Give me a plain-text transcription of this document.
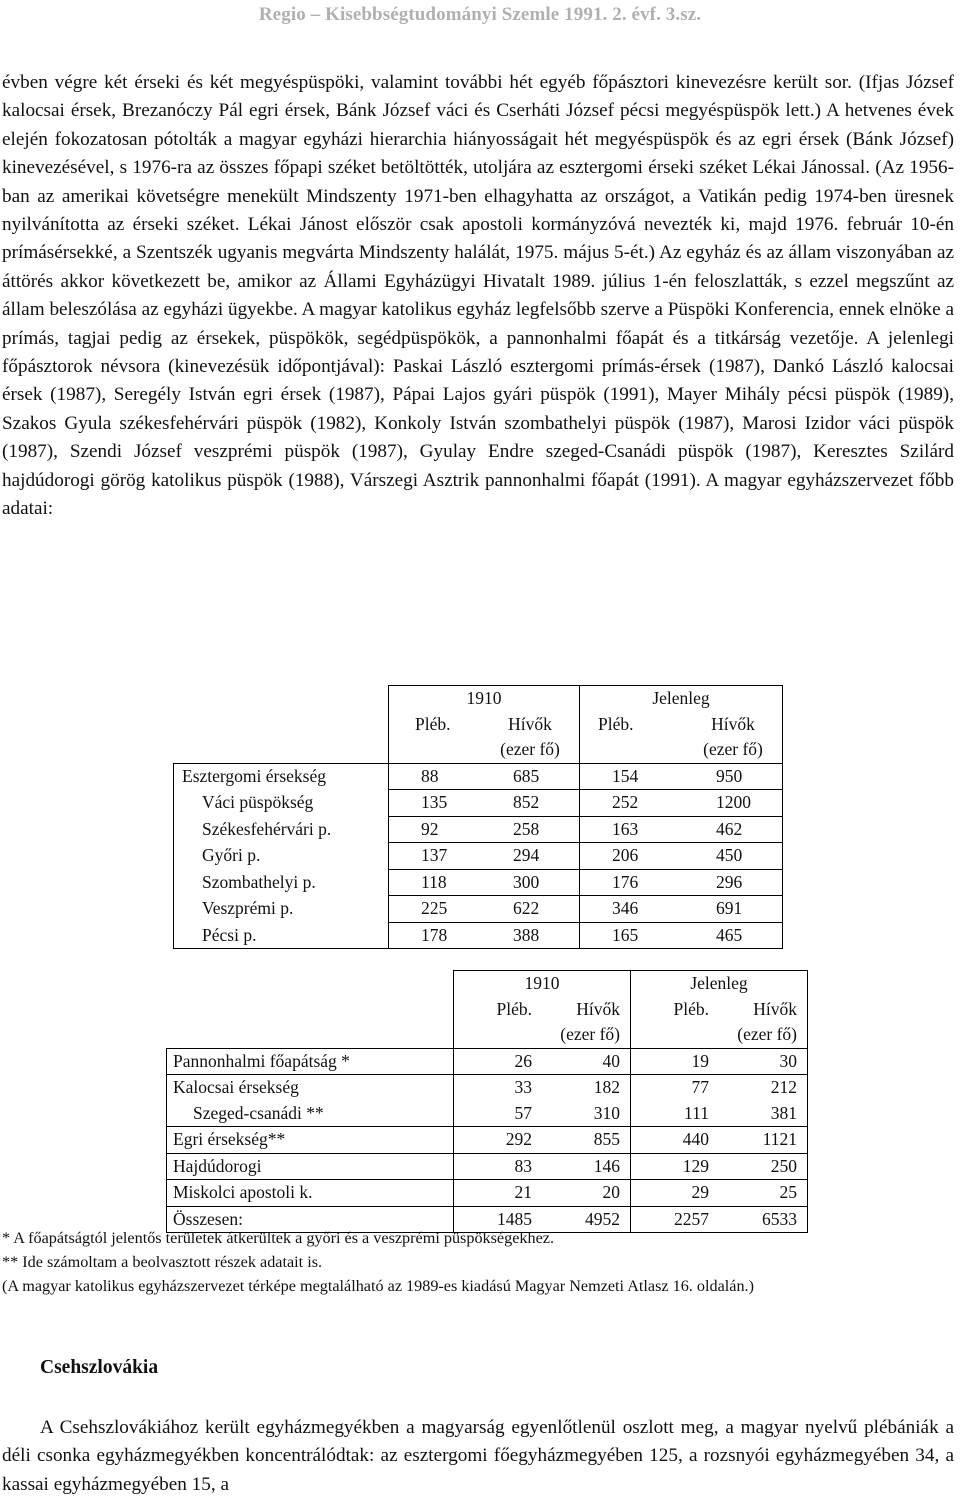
Regio – Kisebbségtudományi Szemle 1991. 2. évf. 3.sz.

évben végre két érseki és két megyéspüspöki, valamint további hét egyéb főpásztori kinevezésre került sor. (Ifjas József kalocsai érsek, Brezanóczy Pál egri érsek, Bánk József váci és Cserháti József pécsi megyéspüspök lett.) A hetvenes évek elején fokozatosan pótolták a magyar egyházi hierarchia hiányosságait hét megyéspüspök és az egri érsek (Bánk József) kinevezésével, s 1976-ra az összes főpapi széket betöltötték, utoljára az esztergomi érseki széket Lékai Jánossal. (Az 1956-ban az amerikai követségre menekült Mindszenty 1971-ben elhagyhatta az országot, a Vatikán pedig 1974-ben üresnek nyilvánította az érseki széket. Lékai Jánost először csak apostoli kormányzóvá nevezték ki, majd 1976. február 10-én prímásérsekké, a Szentszék ugyanis megvárta Mindszenty halálát, 1975. május 5-ét.) Az egyház és az állam viszonyában az áttörés akkor következett be, amikor az Állami Egyházügyi Hivatalt 1989. július 1-én feloszlatták, s ezzel megszűnt az állam beleszólása az egyházi ügyekbe. A magyar katolikus egyház legfelsőbb szerve a Püspöki Konferencia, ennek elnöke a prímás, tagjai pedig az érsekek, püspökök, segédpüspökök, a pannonhalmi főapát és a titkárság vezetője. A jelenlegi főpásztorok névsora (kinevezésük időpontjával): Paskai László esztergomi prímás-érsek (1987), Dankó László kalocsai érsek (1987), Seregély István egri érsek (1987), Pápai Lajos gyári püspök (1991), Mayer Mihály pécsi püspök (1989), Szakos Gyula székesfehérvári püspök (1982), Konkoly István szombathelyi püspök (1987), Marosi Izidor váci püspök (1987), Szendi József veszprémi püspök (1987), Gyulay Endre szeged-Csanádi püspök (1987), Keresztes Szilárd hajdúdorogi görög katolikus püspök (1988), Várszegi Asztrik pannonhalmi főapát (1991). A magyar egyházszervezet főbb adatai:

	1910		Jelenleg	
	Pléb.	Hívők	Pléb.	Hívők
		(ezer fő)		(ezer fő)
Esztergomi érsekség	88	685	154	950
Váci püspökség	135	852	252	1200
Székesfehérvári p.	92	258	163	462
Győri p.	137	294	206	450
Szombathelyi p.	118	300	176	296
Veszprémi p.	225	622	346	691
Pécsi p.	178	388	165	465
	1910		Jelenleg	
	Pléb.	Hívők	Pléb.	Hívők
		(ezer fő)		(ezer fő)
Pannonhalmi főapátság *	26	40	19	30
Kalocsai érsekség	33	182	77	212
Szeged-csanádi **	57	310	111	381
Egri érsekség**	292	855	440	1121
Hajdúdorogi	83	146	129	250
Miskolci apostoli k.	21	20	29	25
Összesen:	1485	4952	2257	6533

* A főapátságtól jelentős területek átkerültek a győri és a veszprémi püspökségekhez.

** Ide számoltam a beolvasztott részek adatait is.

(A magyar katolikus egyházszervezet térképe megtalálható az 1989-es kiadású Magyar Nemzeti Atlasz 16. oldalán.)

Csehszlovákia

A Csehszlovákiához került egyházmegyékben a magyarság egyenlőtlenül oszlott meg, a magyar nyelvű plébániák a déli csonka egyházmegyékben koncentrálódtak: az esztergomi főegyházmegyében 125, a rozsnyói egyházmegyében 34, a kassai egyházmegyében 15, a
